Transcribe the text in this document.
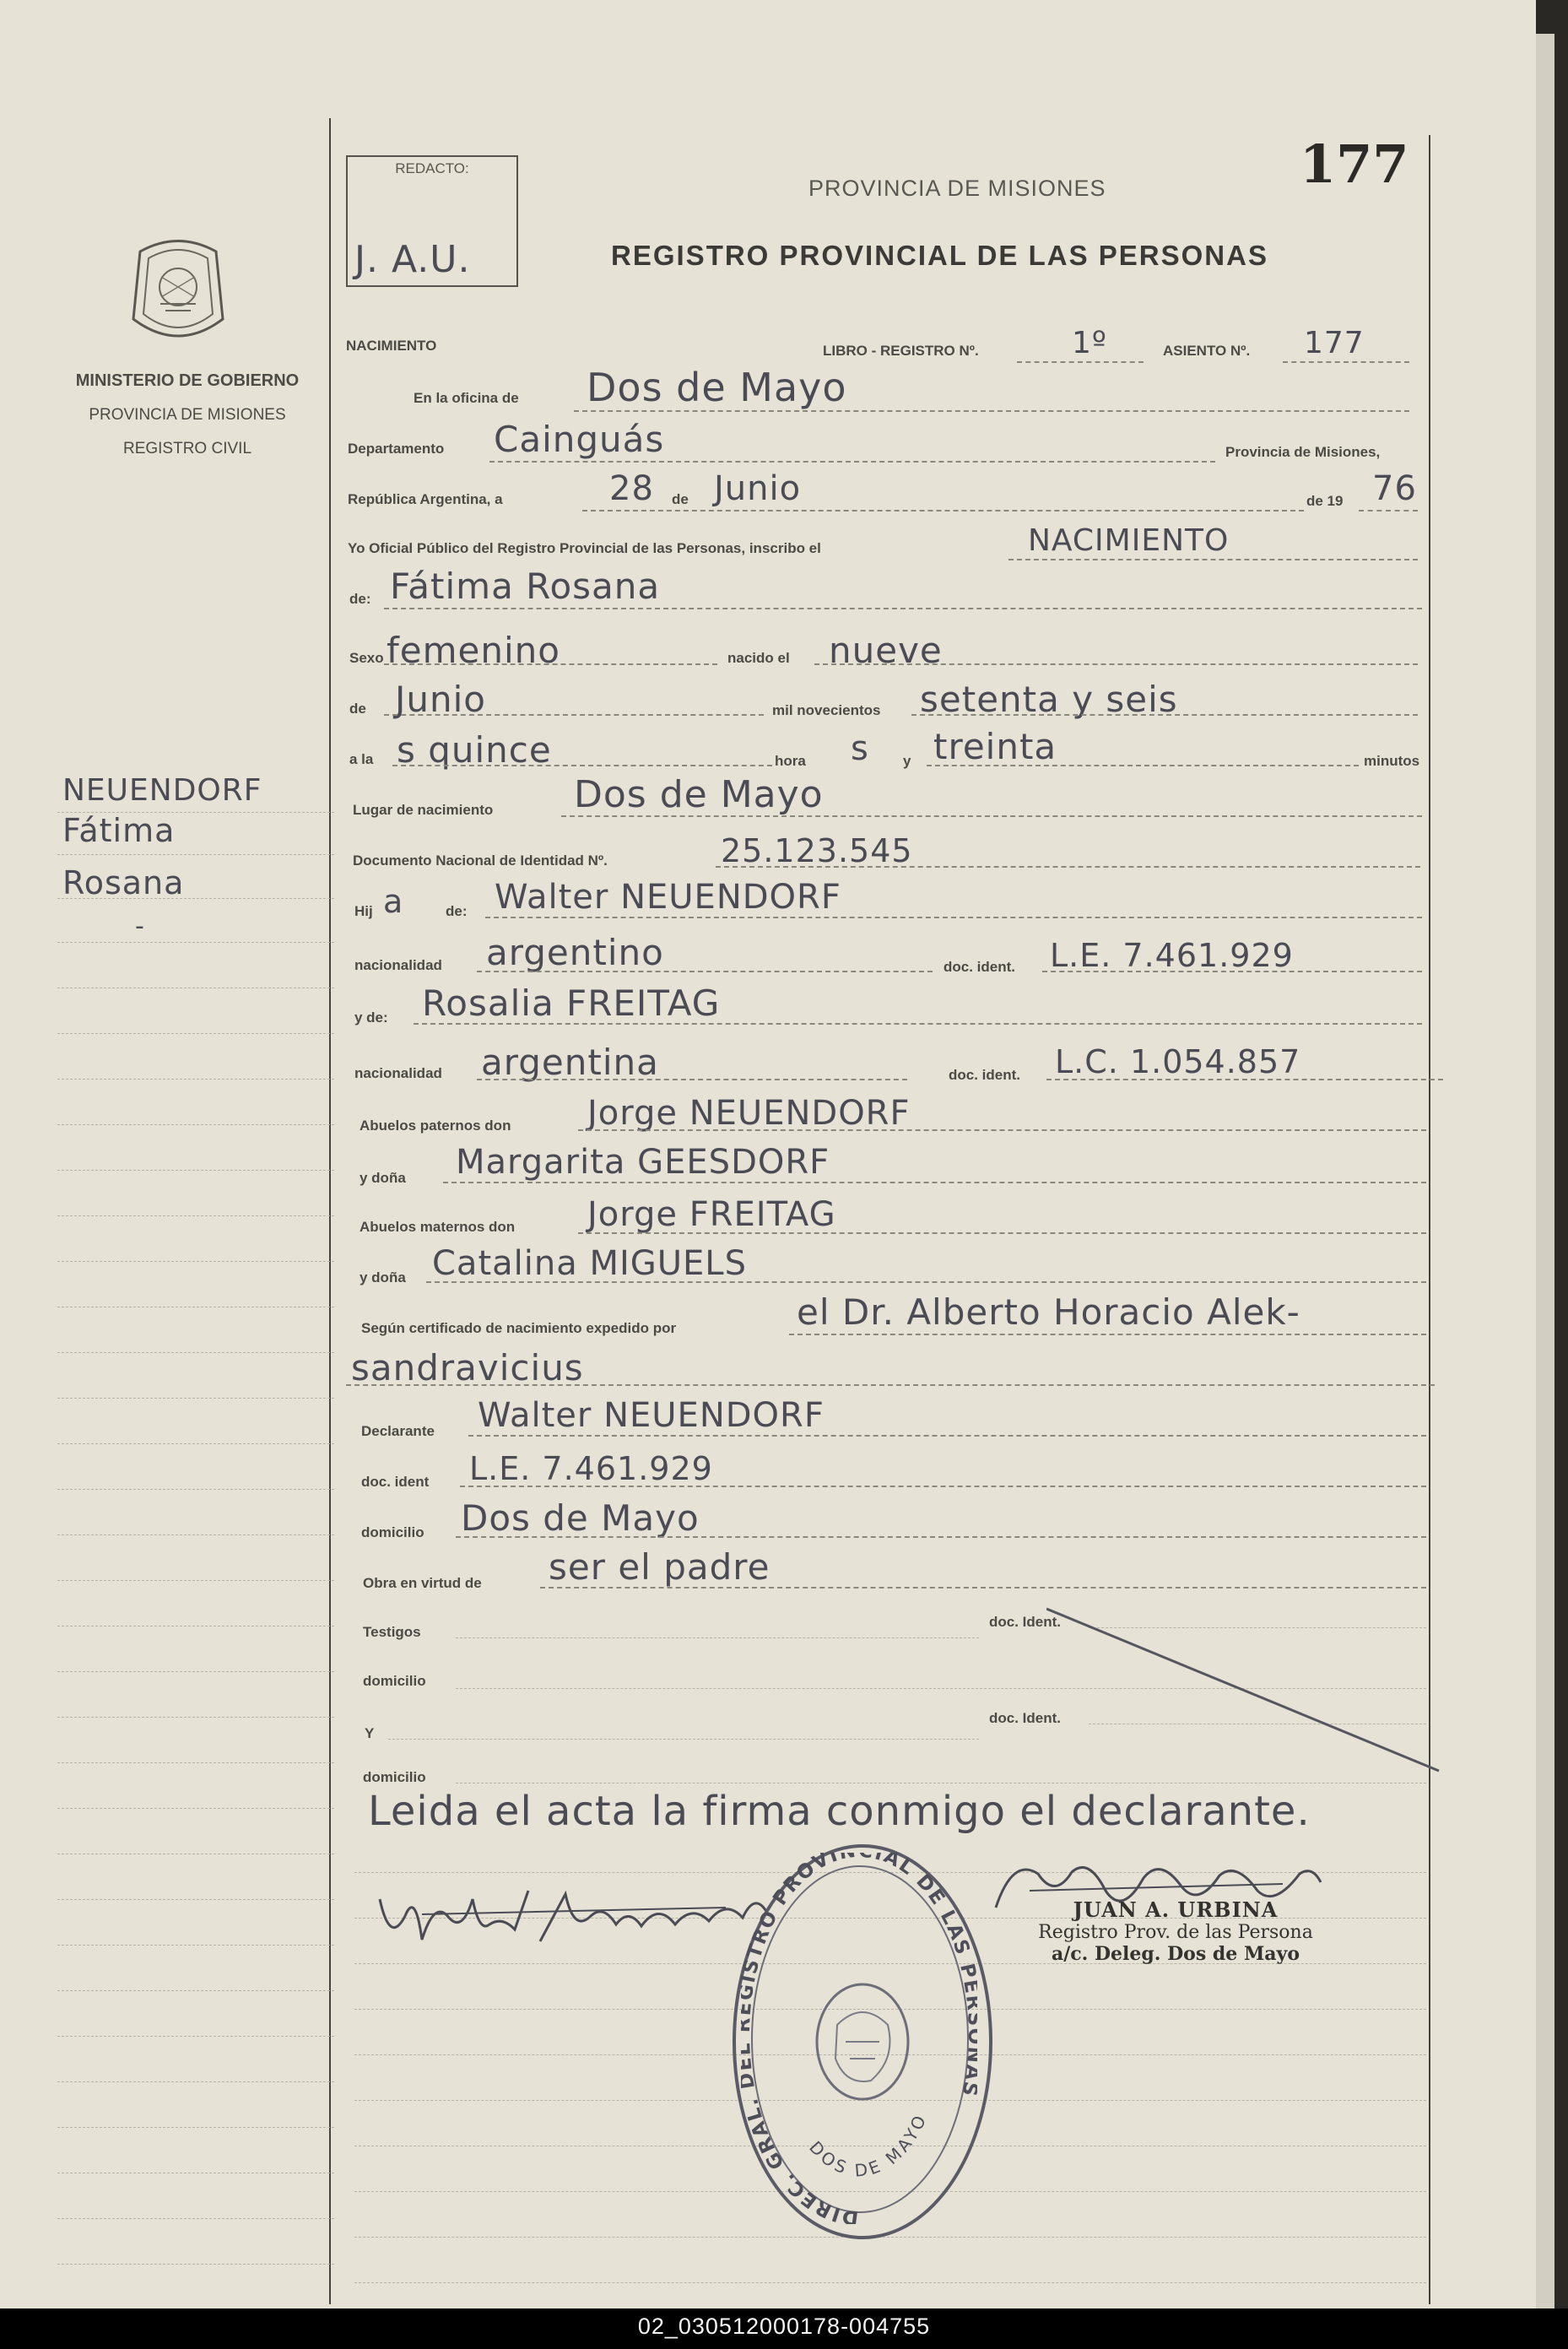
02_030512000178-004755
REDACTO:
J. A.U.
177
PROVINCIA DE MISIONES
REGISTRO PROVINCIAL DE LAS PERSONAS
MINISTERIO DE GOBIERNO
PROVINCIA DE MISIONES
REGISTRO CIVIL
NEUENDORF
Fátima
Rosana
-
NACIMIENTO	LIBRO - REGISTRO Nº.	1º	ASIENTO Nº. 177
En la oficina de Dos de Mayo
Departamento Cainguás	Provincia de Misiones,
República Argentina, a	28 de Junio	de 19 76
Yo Oficial Público del Registro Provincial de las Personas, inscribo el	NACIMIENTO
de: Fátima Rosana
Sexo femenino	nacido el nueve
de Junio	mil novecientos setenta y seis
a la s quince	hora s y treinta	minutos
Lugar de nacimiento Dos de Mayo
Documento Nacional de Identidad Nº.	25.123.545
Hij a	de: Walter NEUENDORF
nacionalidad argentino	doc. ident. L.E. 7.461.929
y de: Rosalia FREITAG
nacionalidad argentina	doc. ident. L.C. 1.054.857
Abuelos paternos don Jorge NEUENDORF
y doña Margarita GEESDORF
Abuelos maternos don Jorge FREITAG
y doña Catalina MIGUELS
Según certificado de nacimiento expedido por	el Dr. Alberto Horacio Alek-
sandravicius
Declarante Walter NEUENDORF
doc. ident L.E. 7.461.929
domicilio Dos de Mayo
Obra en virtud de ser el padre
Testigos
doc. Ident.
domicilio
Y
doc. Ident.
domicilio
Leida el acta la firma conmigo el declarante.
DIREC. GRAL. STRO PROVI IAL DE LAS
DOS DE MAYO
JUAN A. URBINA
Registro Prov. de las Persona
a/c. Deleg. Dos de Mayo
